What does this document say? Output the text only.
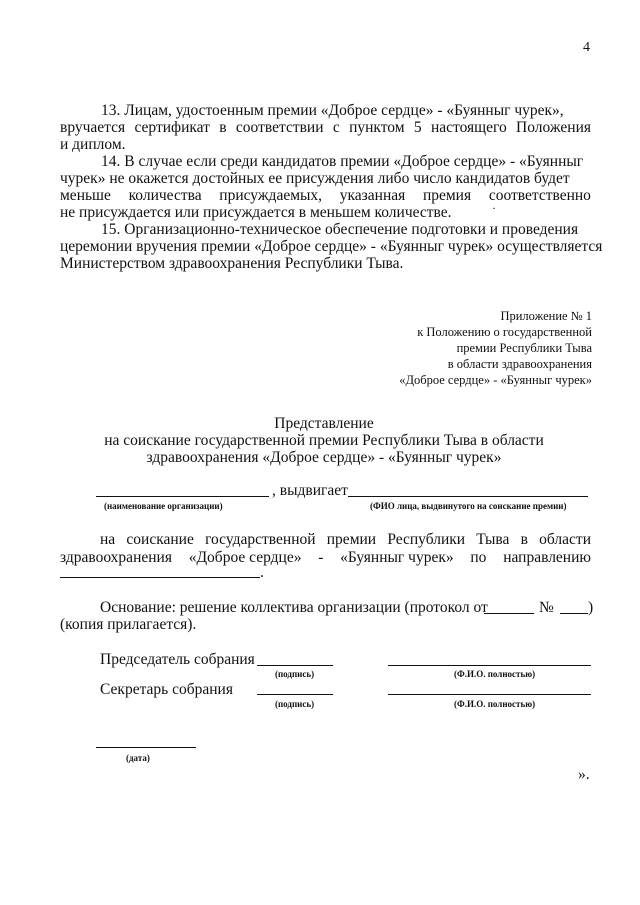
4
13. Лицам, удостоенным премии «Доброе сердце» - «Буянныг чурек»,
вручается сертификат в соответствии с пунктом 5 настоящего Положения
и диплом.
14. В случае если среди кандидатов премии «Доброе сердце» - «Буянныг
чурек» не окажется достойных ее присуждения либо число кандидатов будет
меньше количества присуждаемых, указанная премия соответственно
не присуждается или присуждается в меньшем количестве.	·
15. Организационно-техническое обеспечение подготовки и проведения
церемонии вручения премии «Доброе сердце» - «Буянныг чурек» осуществляется
Министерством здравоохранения Республики Тыва.
Приложение № 1
к Положению о государственной
премии Республики Тыва
в области здравоохранения
«Доброе сердце» - «Буянныг чурек»
Представление
на соискание государственной премии Республики Тыва в области
здравоохранения «Доброе сердце» - «Буянныг чурек»
, выдвигает
(наименование организации)	(ФИО лица, выдвинутого на соискание премии)
на соискание государственной премии Республики Тыва в области
здравоохранения «Доброе сердце» - «Буянныг чурек» по направлению
.
Основание: решение коллектива организации (протокол от	№ )
(копия прилагается).
Председатель собрания
(подпись)	(Ф.И.О. полностью)
Секретарь собрания
(подпись)	(Ф.И.О. полностью)
(дата)
».
